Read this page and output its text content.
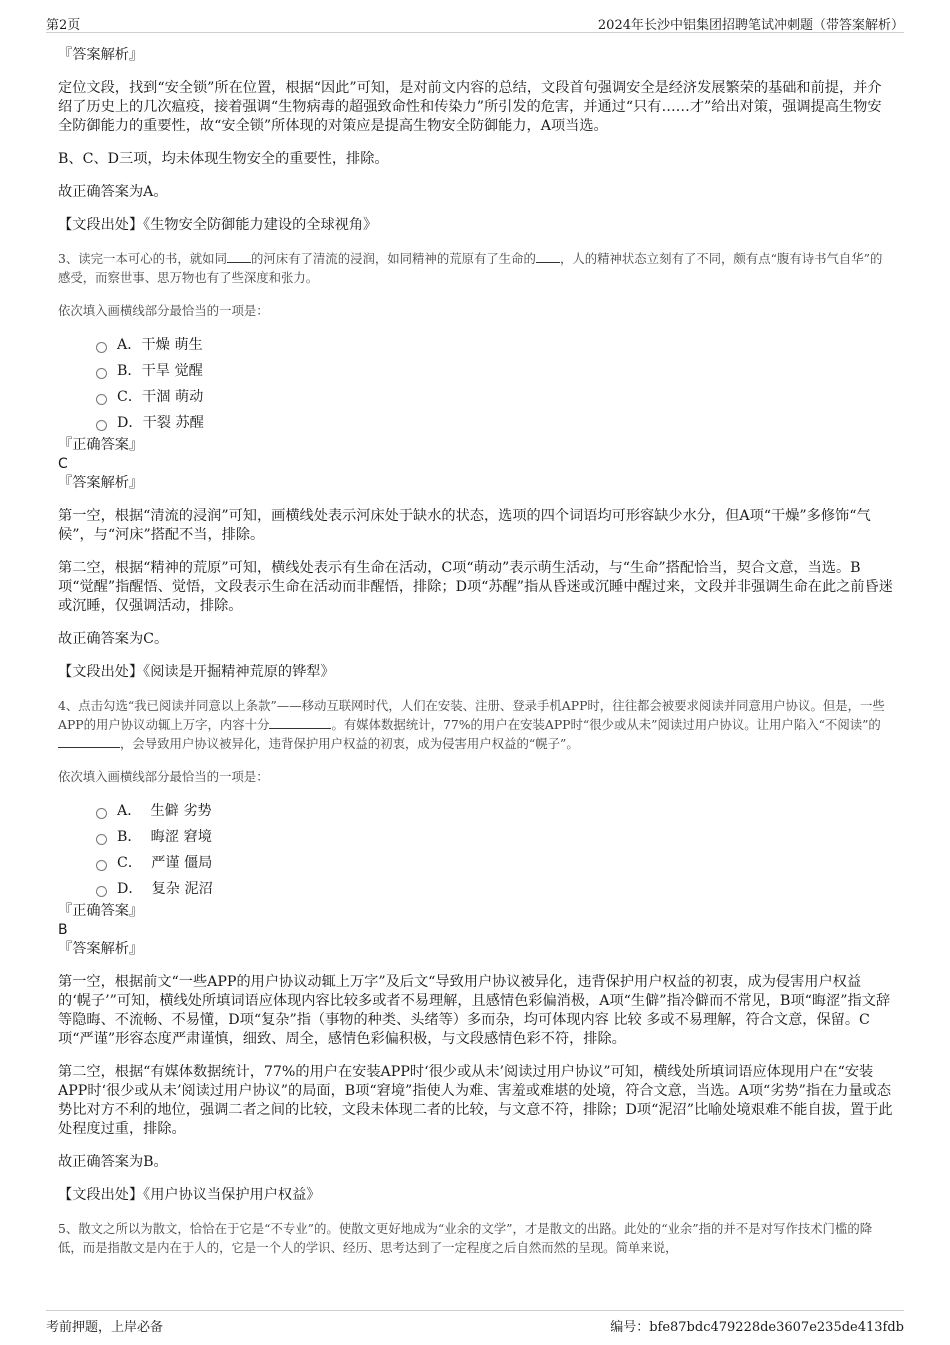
第2页	2024年长沙中铝集团招聘笔试冲刺题（带答案解析）

『答案解析』

定位文段，找到“安全锁”所在位置，根据“因此”可知，是对前文内容的总结，文段首句强调安全是经济发展繁荣的基础和前提，并介绍了历史上的几次瘟疫，接着强调“生物病毒的超强致命性和传染力”所引发的危害，并通过“只有……才”给出对策，强调提高生物安全防御能力的重要性，故“安全锁”所体现的对策应是提高生物安全防御能力，A项当选。

B、C、D三项，均未体现生物安全的重要性，排除。

故正确答案为A。

【文段出处】《生物安全防御能力建设的全球视角》

3、读完一本可心的书，就如同 的河床有了清流的浸润，如同精神的荒原有了生命的 ，人的精神状态立刻有了不同，颇有点“腹有诗书气自华”的感受，而察世事、思万物也有了些深度和张力。

依次填入画横线部分最恰当的一项是：

A．干燥 萌生
B．干旱 觉醒
C．干涸 萌动
D．干裂 苏醒

『正确答案』

C

『答案解析』

第一空，根据“清流的浸润”可知，画横线处表示河床处于缺水的状态，选项的四个词语均可形容缺少水分，但A项“干燥”多修饰“气候”，与“河床”搭配不当，排除。

第二空，根据“精神的荒原”可知，横线处表示有生命在活动，C项“萌动”表示萌生活动，与“生命”搭配恰当，契合文意，当选。B项“觉醒”指醒悟、觉悟，文段表示生命在活动而非醒悟，排除；D项“苏醒”指从昏迷或沉睡中醒过来，文段并非强调生命在此之前昏迷或沉睡，仅强调活动，排除。

故正确答案为C。

【文段出处】《阅读是开掘精神荒原的铧犁》

4、点击勾选“我已阅读并同意以上条款”——移动互联网时代，人们在安装、注册、登录手机APP时，往往都会被要求阅读并同意用户协议。但是，一些APP的用户协议动辄上万字，内容十分	。有媒体数据统计，77%的用户在安装APP时“很少或从未”阅读过用户协议。让用户陷入“不阅读”的，会导致用户协议被异化，违背保护用户权益的初衷，成为侵害用户权益的“幌子”。

依次填入画横线部分最恰当的一项是：

A．  生僻 劣势
B．  晦涩 窘境
C．  严谨 僵局
D．  复杂 泥沼

『正确答案』

B

『答案解析』

第一空，根据前文“一些APP的用户协议动辄上万字”及后文“导致用户协议被异化，违背保护用户权益的初衷，成为侵害用户权益的‘幌子’”可知，横线处所填词语应体现内容比较多或者不易理解，且感情色彩偏消极，A项“生僻”指冷僻而不常见，B项“晦涩”指文辞等隐晦、不流畅、不易懂，D项“复杂”指（事物的种类、头绪等）多而杂，均可体现内容 比较 多或不易理解，符合文意，保留。C项“严谨”形容态度严肃谨慎，细致、周全，感情色彩偏积极，与文段感情色彩不符，排除。

第二空，根据“有媒体数据统计，77%的用户在安装APP时‘很少或从未’阅读过用户协议”可知，横线处所填词语应体现用户在“安装APP时‘很少或从未’阅读过用户协议”的局面，B项“窘境”指使人为难、害羞或难堪的处境，符合文意，当选。A项“劣势”指在力量或态势比对方不利的地位，强调二者之间的比较，文段未体现二者的比较，与文意不符，排除；D项“泥沼”比喻处境艰难不能自拔，置于此处程度过重，排除。

故正确答案为B。

【文段出处】《用户协议当保护用户权益》

5、散文之所以为散文，恰恰在于它是“不专业”的。使散文更好地成为“业余的文学”，才是散文的出路。此处的“业余”指的并不是对写作技术门槛的降低，而是指散文是内在于人的，它是一个人的学识、经历、思考达到了一定程度之后自然而然的呈现。简单来说，

考前押题，上岸必备	编号：bfe87bdc479228de3607e235de413fdb
